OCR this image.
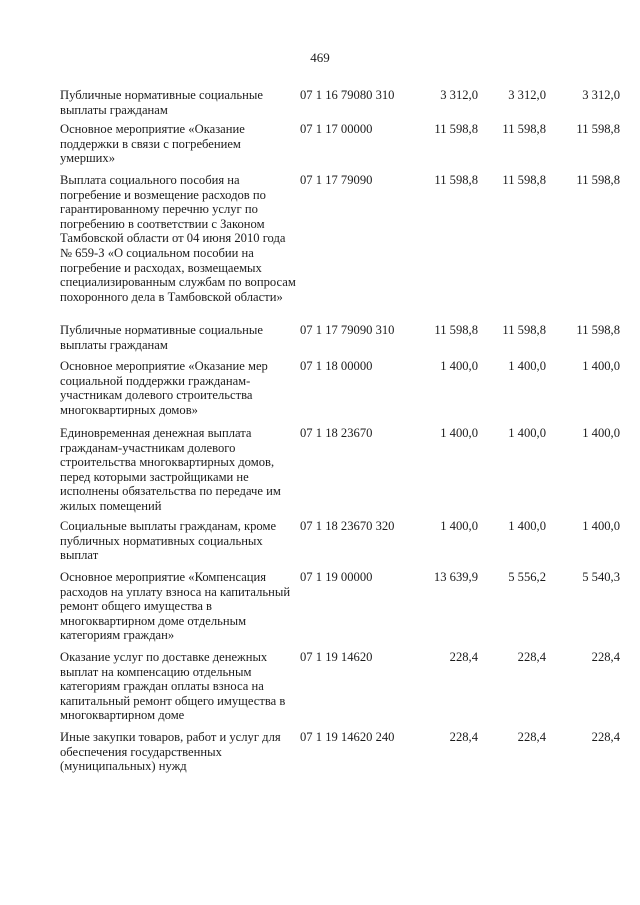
469
Публичные нормативные социальные выплаты гражданам
07 1 16 79080 310	3 312,0	3 312,0	3 312,0
Основное мероприятие «Оказание поддержки в связи с погребением умерших»
07 1 17 00000	11 598,8	11 598,8	11 598,8
Выплата социального пособия на погребение и возмещение расходов по гарантированному перечню услуг по погребению в соответствии с Законом Тамбовской области от 04 июня 2010 года № 659-З «О социальном пособии на погребение и расходах, возмещаемых специализированным службам по вопросам похоронного дела в Тамбовской области»
07 1 17 79090	11 598,8	11 598,8	11 598,8
Публичные нормативные социальные выплаты гражданам
07 1 17 79090 310	11 598,8	11 598,8	11 598,8
Основное мероприятие «Оказание мер социальной поддержки гражданам-участникам долевого строительства многоквартирных домов»
07 1 18 00000	1 400,0	1 400,0	1 400,0
Единовременная денежная выплата гражданам-участникам долевого строительства многоквартирных домов, перед которыми застройщиками не исполнены обязательства по передаче им жилых помещений
07 1 18 23670	1 400,0	1 400,0	1 400,0
Социальные выплаты гражданам, кроме публичных нормативных социальных выплат
07 1 18 23670 320	1 400,0	1 400,0	1 400,0
Основное мероприятие «Компенсация расходов на уплату взноса на капитальный ремонт общего имущества в многоквартирном доме отдельным категориям граждан»
07 1 19 00000	13 639,9	5 556,2	5 540,3
Оказание услуг по доставке денежных выплат на компенсацию отдельным категориям граждан оплаты взноса на капитальный ремонт общего имущества в многоквартирном доме
07 1 19 14620	228,4	228,4	228,4
Иные закупки товаров, работ и услуг для обеспечения государственных (муниципальных) нужд
07 1 19 14620 240	228,4	228,4	228,4
